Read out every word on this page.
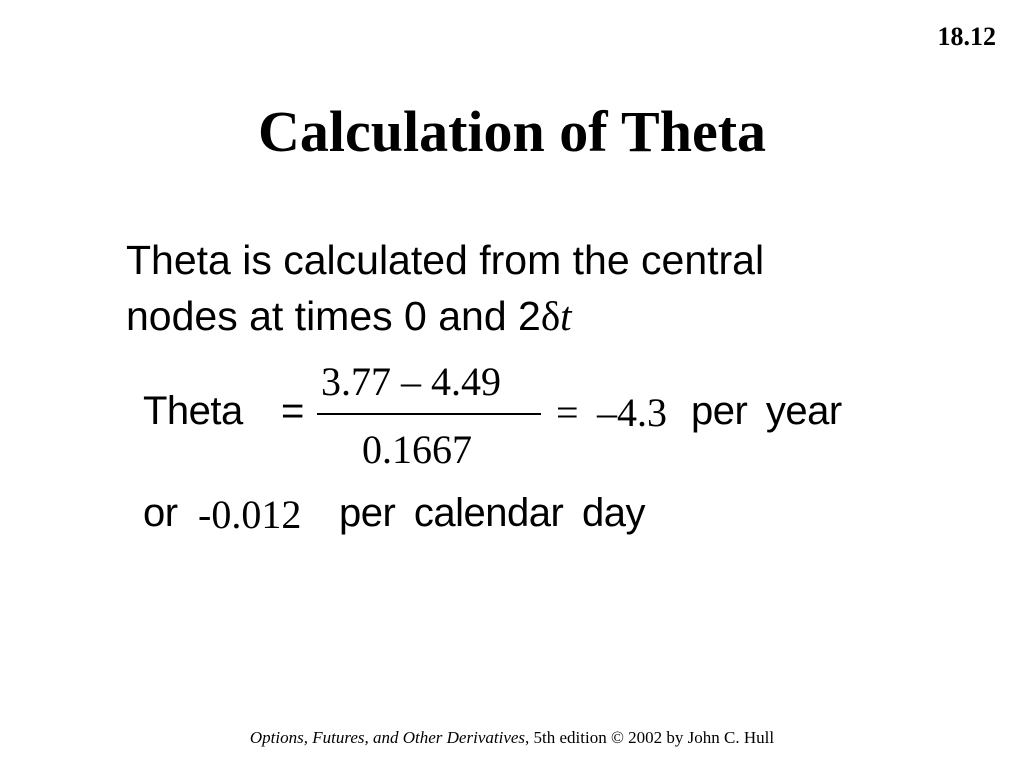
18.12
Calculation of Theta
Theta is calculated from the central
nodes at times 0 and 2δt
Theta =
3.77 – 4.49
0.1667
= –4.3 per year
or -0.012 per calendar day
Options, Futures, and Other Derivatives, 5th edition © 2002 by John C. Hull
